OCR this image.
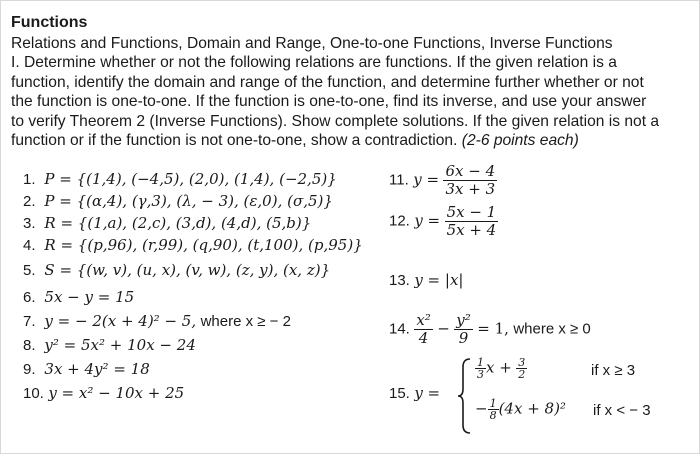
Functions
Relations and Functions, Domain and Range, One-to-one Functions, Inverse Functions
I. Determine whether or not the following relations are functions. If the given relation is a
function, identify the domain and range of the function, and determine further whether or not
the function is one-to-one. If the function is one-to-one, find its inverse, and use your answer
to verify Theorem 2 (Inverse Functions). Show complete solutions. If the given relation is not a
function or if the function is not one-to-one, show a contradiction. (2-6 points each)
1. P = {(1,4), (−4,5), (2,0), (1,4), (−2,5)}
2. P = {(α,4), (γ,3), (λ, − 3), (ε,0), (σ,5)}
3. R = {(1,a), (2,c), (3,d), (4,d), (5,b)}
4. R = {(p,96), (r,99), (q,90), (t,100), (p,95)}
5. S = {(w, v), (u, x), (v, w), (z, y), (x, z)}
6. 5x − y = 15
7. y = − 2(x + 4)² − 5, where x ≥ − 2
8. y² = 5x² + 10x − 24
9. 3x + 4y² = 18
10. y = x² − 10x + 25
11. $y = \frac{6x - 4}{3x + 3}$
12. $y = \frac{5x - 1}{5x + 4}$
13. y = |x|
14. $\frac{\text{x²}}{4} - \frac{\text{y²}}{9} = 1$, where x ≥ 0
15. y =
$\frac{1}{3}$ $x + \frac{3}{2}$	if x ≥ 3
− $\frac{1}{8} (4x + 8)^2$ if x < − 3
